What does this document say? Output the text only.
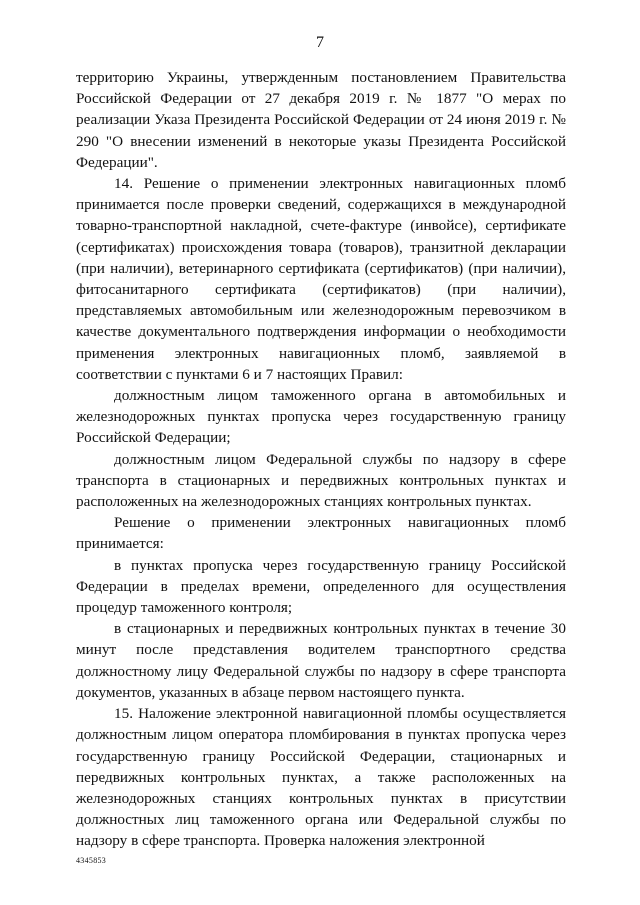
7

территорию Украины, утвержденным постановлением Правительства Российской Федерации от 27 декабря 2019 г. № 1877 "О мерах по реализации Указа Президента Российской Федерации от 24 июня 2019 г. № 290 "О внесении изменений в некоторые указы Президента Российской Федерации".

14. Решение о применении электронных навигационных пломб принимается после проверки сведений, содержащихся в международной товарно-транспортной накладной, счете-фактуре (инвойсе), сертификате (сертификатах) происхождения товара (товаров), транзитной декларации (при наличии), ветеринарного сертификата (сертификатов) (при наличии), фитосанитарного сертификата (сертификатов) (при наличии), представляемых автомобильным или железнодорожным перевозчиком в качестве документального подтверждения информации о необходимости применения электронных навигационных пломб, заявляемой в соответствии с пунктами 6 и 7 настоящих Правил:

должностным лицом таможенного органа в автомобильных и железнодорожных пунктах пропуска через государственную границу Российской Федерации;

должностным лицом Федеральной службы по надзору в сфере транспорта в стационарных и передвижных контрольных пунктах и расположенных на железнодорожных станциях контрольных пунктах.

Решение о применении электронных навигационных пломб принимается:

в пунктах пропуска через государственную границу Российской Федерации в пределах времени, определенного для осуществления процедур таможенного контроля;

в стационарных и передвижных контрольных пунктах в течение 30 минут после представления водителем транспортного средства должностному лицу Федеральной службы по надзору в сфере транспорта документов, указанных в абзаце первом настоящего пункта.

15. Наложение электронной навигационной пломбы осуществляется должностным лицом оператора пломбирования в пунктах пропуска через государственную границу Российской Федерации, стационарных и передвижных контрольных пунктах, а также расположенных на железнодорожных станциях контрольных пунктах в присутствии должностных лиц таможенного органа или Федеральной службы по надзору в сфере транспорта. Проверка наложения электронной

4345853
